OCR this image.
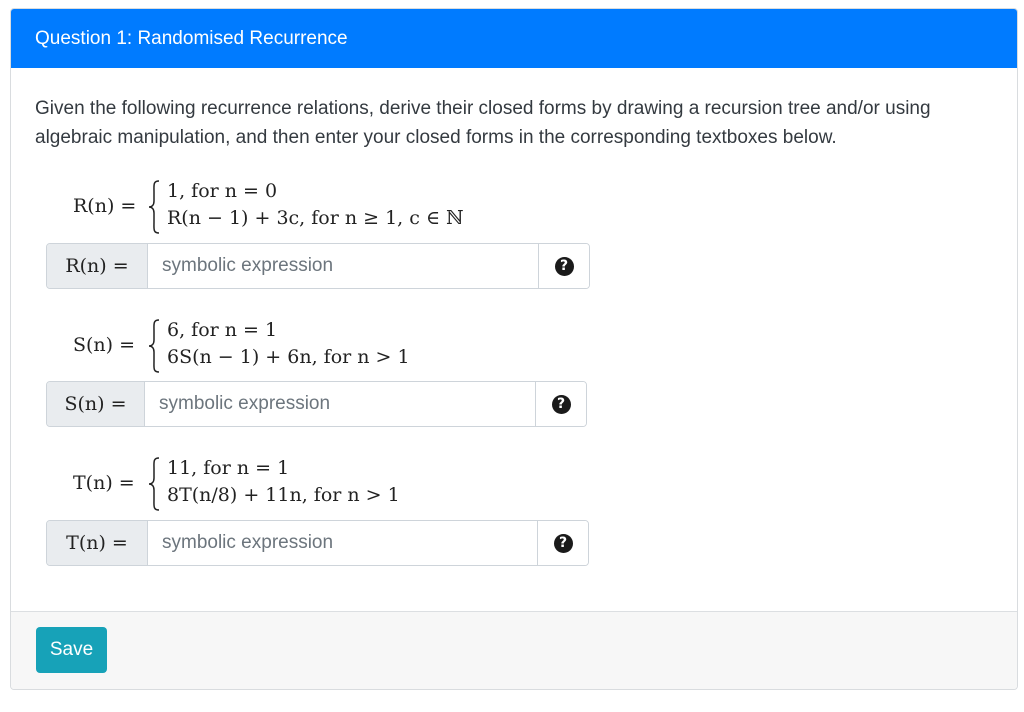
Question 1: Randomised Recurrence
Given the following recurrence relations, derive their closed forms by drawing a recursion tree and/or using algebraic manipulation, and then enter your closed forms in the corresponding textboxes below.
R(n) =
1, for n = 0
R(n − 1) + 3c, for n ≥ 1, c ∈ ℕ
R(n) =
symbolic expression	?
S(n) =
6, for n = 1
6S(n − 1) + 6n, for n > 1
S(n) =
symbolic expression	?
T(n) =
11, for n = 1
8T(n/8) + 11n, for n > 1
T(n) =
symbolic expression	?
Save
